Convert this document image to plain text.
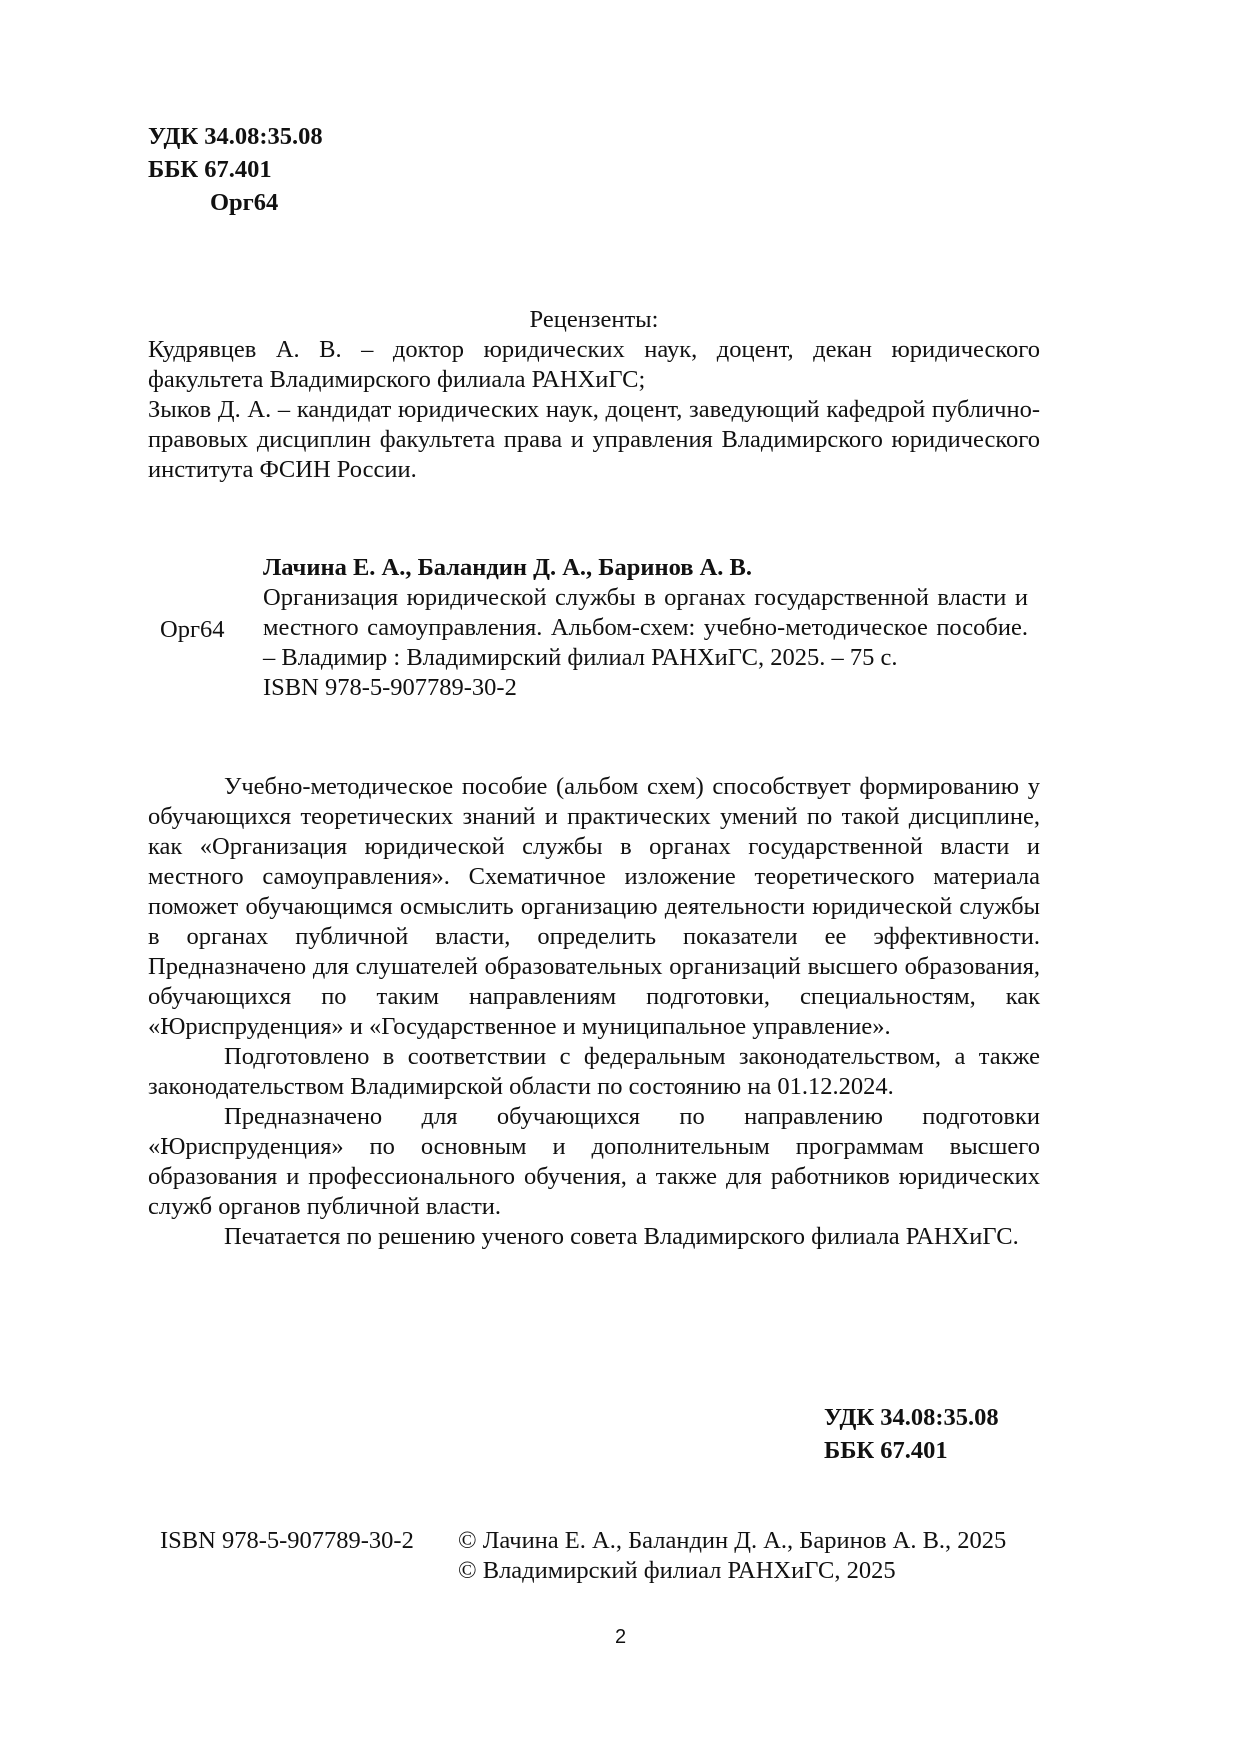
УДК 34.08:35.08
ББК 67.401
Орг64
Рецензенты:
Кудрявцев А. В. – доктор юридических наук, доцент, декан юридического факультета Владимирского филиала РАНХиГС;
Зыков Д. А. – кандидат юридических наук, доцент, заведующий кафедрой публично-правовых дисциплин факультета права и управления Владимирского юридического института ФСИН России.
Орг64
Лачина Е. А., Баландин Д. А., Баринов А. В.
Организация юридической службы в органах государственной власти и местного самоуправления. Альбом-схем: учебно-методическое пособие. – Владимир : Владимирский филиал РАНХиГС, 2025. – 75 с.
ISBN 978-5-907789-30-2

Учебно-методическое пособие (альбом схем) способствует формированию у обучающихся теоретических знаний и практических умений по такой дисциплине, как «Организация юридической службы в органах государственной власти и местного самоуправления». Схематичное изложение теоретического материала поможет обучающимся осмыслить организацию деятельности юридической службы в органах публичной власти, определить показатели ее эффективности. Предназначено для слушателей образовательных организаций высшего образования, обучающихся по таким направлениям подготовки, специальностям, как «Юриспруденция» и «Государственное и муниципальное управление».

Подготовлено в соответствии с федеральным законодательством, а также законодательством Владимирской области по состоянию на 01.12.2024.

Предназначено для обучающихся по направлению подготовки «Юриспруденция» по основным и дополнительным программам высшего образования и профессионального обучения, а также для работников юридических служб органов публичной власти.

Печатается по решению ученого совета Владимирского филиала РАНХиГС.

УДК 34.08:35.08
ББК 67.401
ISBN 978-5-907789-30-2 © Лачина Е. А., Баландин Д. А., Баринов А. В., 2025
© Владимирский филиал РАНХиГС, 2025
2
